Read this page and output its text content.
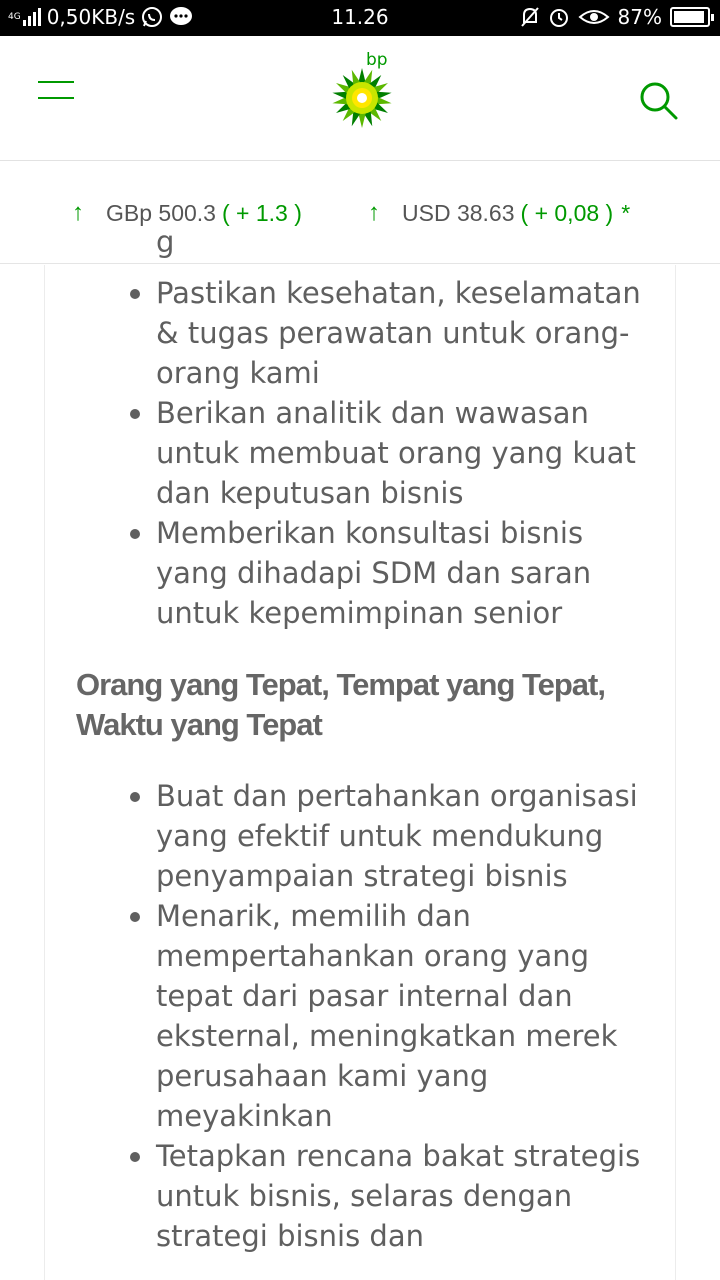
4G 0,50KB/s	11.26	87%
bp
↑ GBp 500.3 ( + 1.3 )	↑ USD 38.63 ( + 0,08 ) *
g
Pastikan kesehatan, keselamatan & tugas perawatan untuk orang-orang kami
Berikan analitik dan wawasan untuk membuat orang yang kuat dan keputusan bisnis
Memberikan konsultasi bisnis yang dihadapi SDM dan saran untuk kepemimpinan senior
Orang yang Tepat, Tempat yang Tepat, Waktu yang Tepat
Buat dan pertahankan organisasi yang efektif untuk mendukung penyampaian strategi bisnis
Menarik, memilih dan mempertahankan orang yang tepat dari pasar internal dan eksternal, meningkatkan merek perusahaan kami yang meyakinkan
Tetapkan rencana bakat strategis untuk bisnis, selaras dengan strategi bisnis dan
